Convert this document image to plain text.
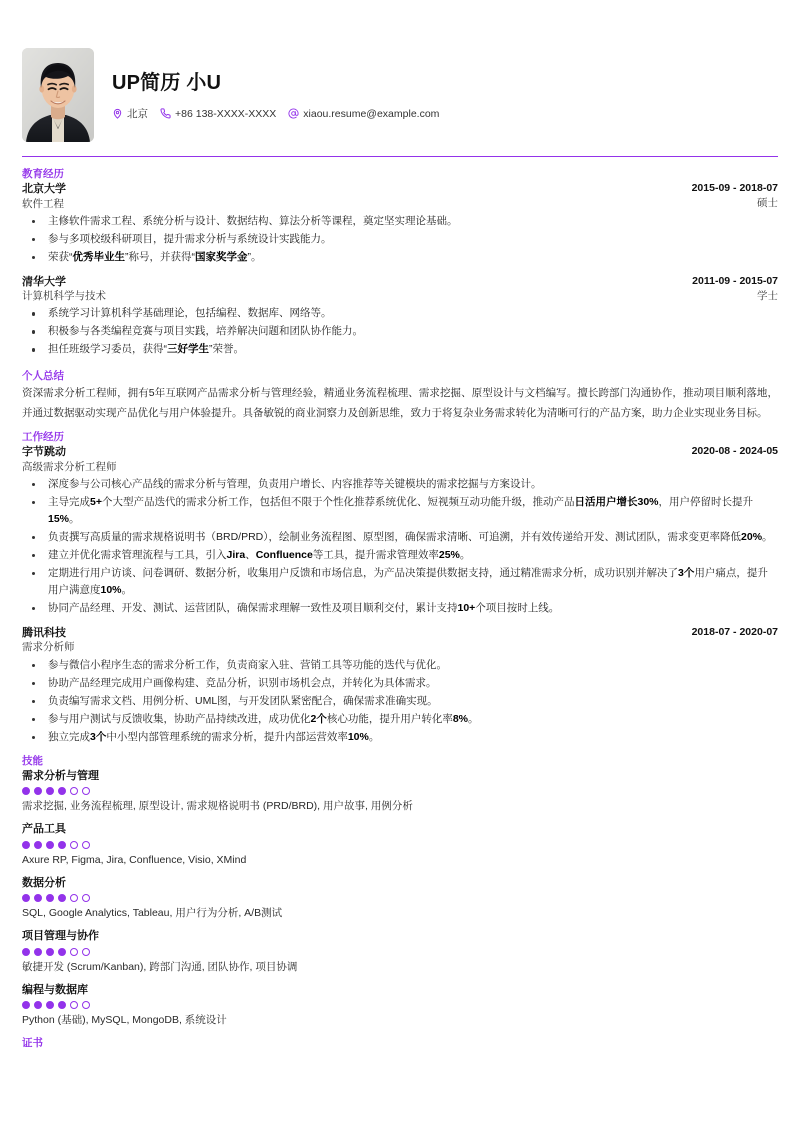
UP简历 小U
北京	+86 138-XXXX-XXXX	xiaou.resume@example.com
教育经历
北京大学
软件工程
2015-09 - 2018-07
硕士
主修软件需求工程、系统分析与设计、数据结构、算法分析等课程，奠定坚实理论基础。
参与多项校级科研项目，提升需求分析与系统设计实践能力。
荣获“优秀毕业生”称号，并获得“国家奖学金”。
清华大学
计算机科学与技术
2011-09 - 2015-07
学士
系统学习计算机科学基础理论，包括编程、数据库、网络等。
积极参与各类编程竞赛与项目实践，培养解决问题和团队协作能力。
担任班级学习委员，获得“三好学生”荣誉。
个人总结
资深需求分析工程师，拥有5年互联网产品需求分析与管理经验，精通业务流程梳理、需求挖掘、原型设计与文档编写。擅长跨部门沟通协作，推动项目顺利落地，并通过数据驱动实现产品优化与用户体验提升。具备敏锐的商业洞察力及创新思维，致力于将复杂业务需求转化为清晰可行的产品方案，助力企业实现业务目标。
工作经历
字节跳动
高级需求分析工程师
2020-08 - 2024-05
深度参与公司核心产品线的需求分析与管理，负责用户增长、内容推荐等关键模块的需求挖掘与方案设计。
主导完成5+个大型产品迭代的需求分析工作，包括但不限于个性化推荐系统优化、短视频互动功能升级，推动产品日活用户增长30%，用户停留时长提升15%。
负责撰写高质量的需求规格说明书（BRD/PRD），绘制业务流程图、原型图，确保需求清晰、可追溯，并有效传递给开发、测试团队，需求变更率降低20%。
建立并优化需求管理流程与工具，引入Jira、Confluence等工具，提升需求管理效率25%。
定期进行用户访谈、问卷调研、数据分析，收集用户反馈和市场信息，为产品决策提供数据支持，通过精准需求分析，成功识别并解决了3个用户痛点，提升用户满意度10%。
协同产品经理、开发、测试、运营团队，确保需求理解一致性及项目顺利交付，累计支持10+个项目按时上线。
腾讯科技
需求分析师
2018-07 - 2020-07
参与微信小程序生态的需求分析工作，负责商家入驻、营销工具等功能的迭代与优化。
协助产品经理完成用户画像构建、竞品分析，识别市场机会点，并转化为具体需求。
负责编写需求文档、用例分析、UML图，与开发团队紧密配合，确保需求准确实现。
参与用户测试与反馈收集，协助产品持续改进，成功优化2个核心功能，提升用户转化率8%。
独立完成3个中小型内部管理系统的需求分析，提升内部运营效率10%。
技能
需求分析与管理
需求挖掘, 业务流程梳理, 原型设计, 需求规格说明书 (PRD/BRD), 用户故事, 用例分析
产品工具
Axure RP, Figma, Jira, Confluence, Visio, XMind
数据分析
SQL, Google Analytics, Tableau, 用户行为分析, A/B测试
项目管理与协作
敏捷开发 (Scrum/Kanban), 跨部门沟通, 团队协作, 项目协调
编程与数据库
Python (基础), MySQL, MongoDB, 系统设计
证书
